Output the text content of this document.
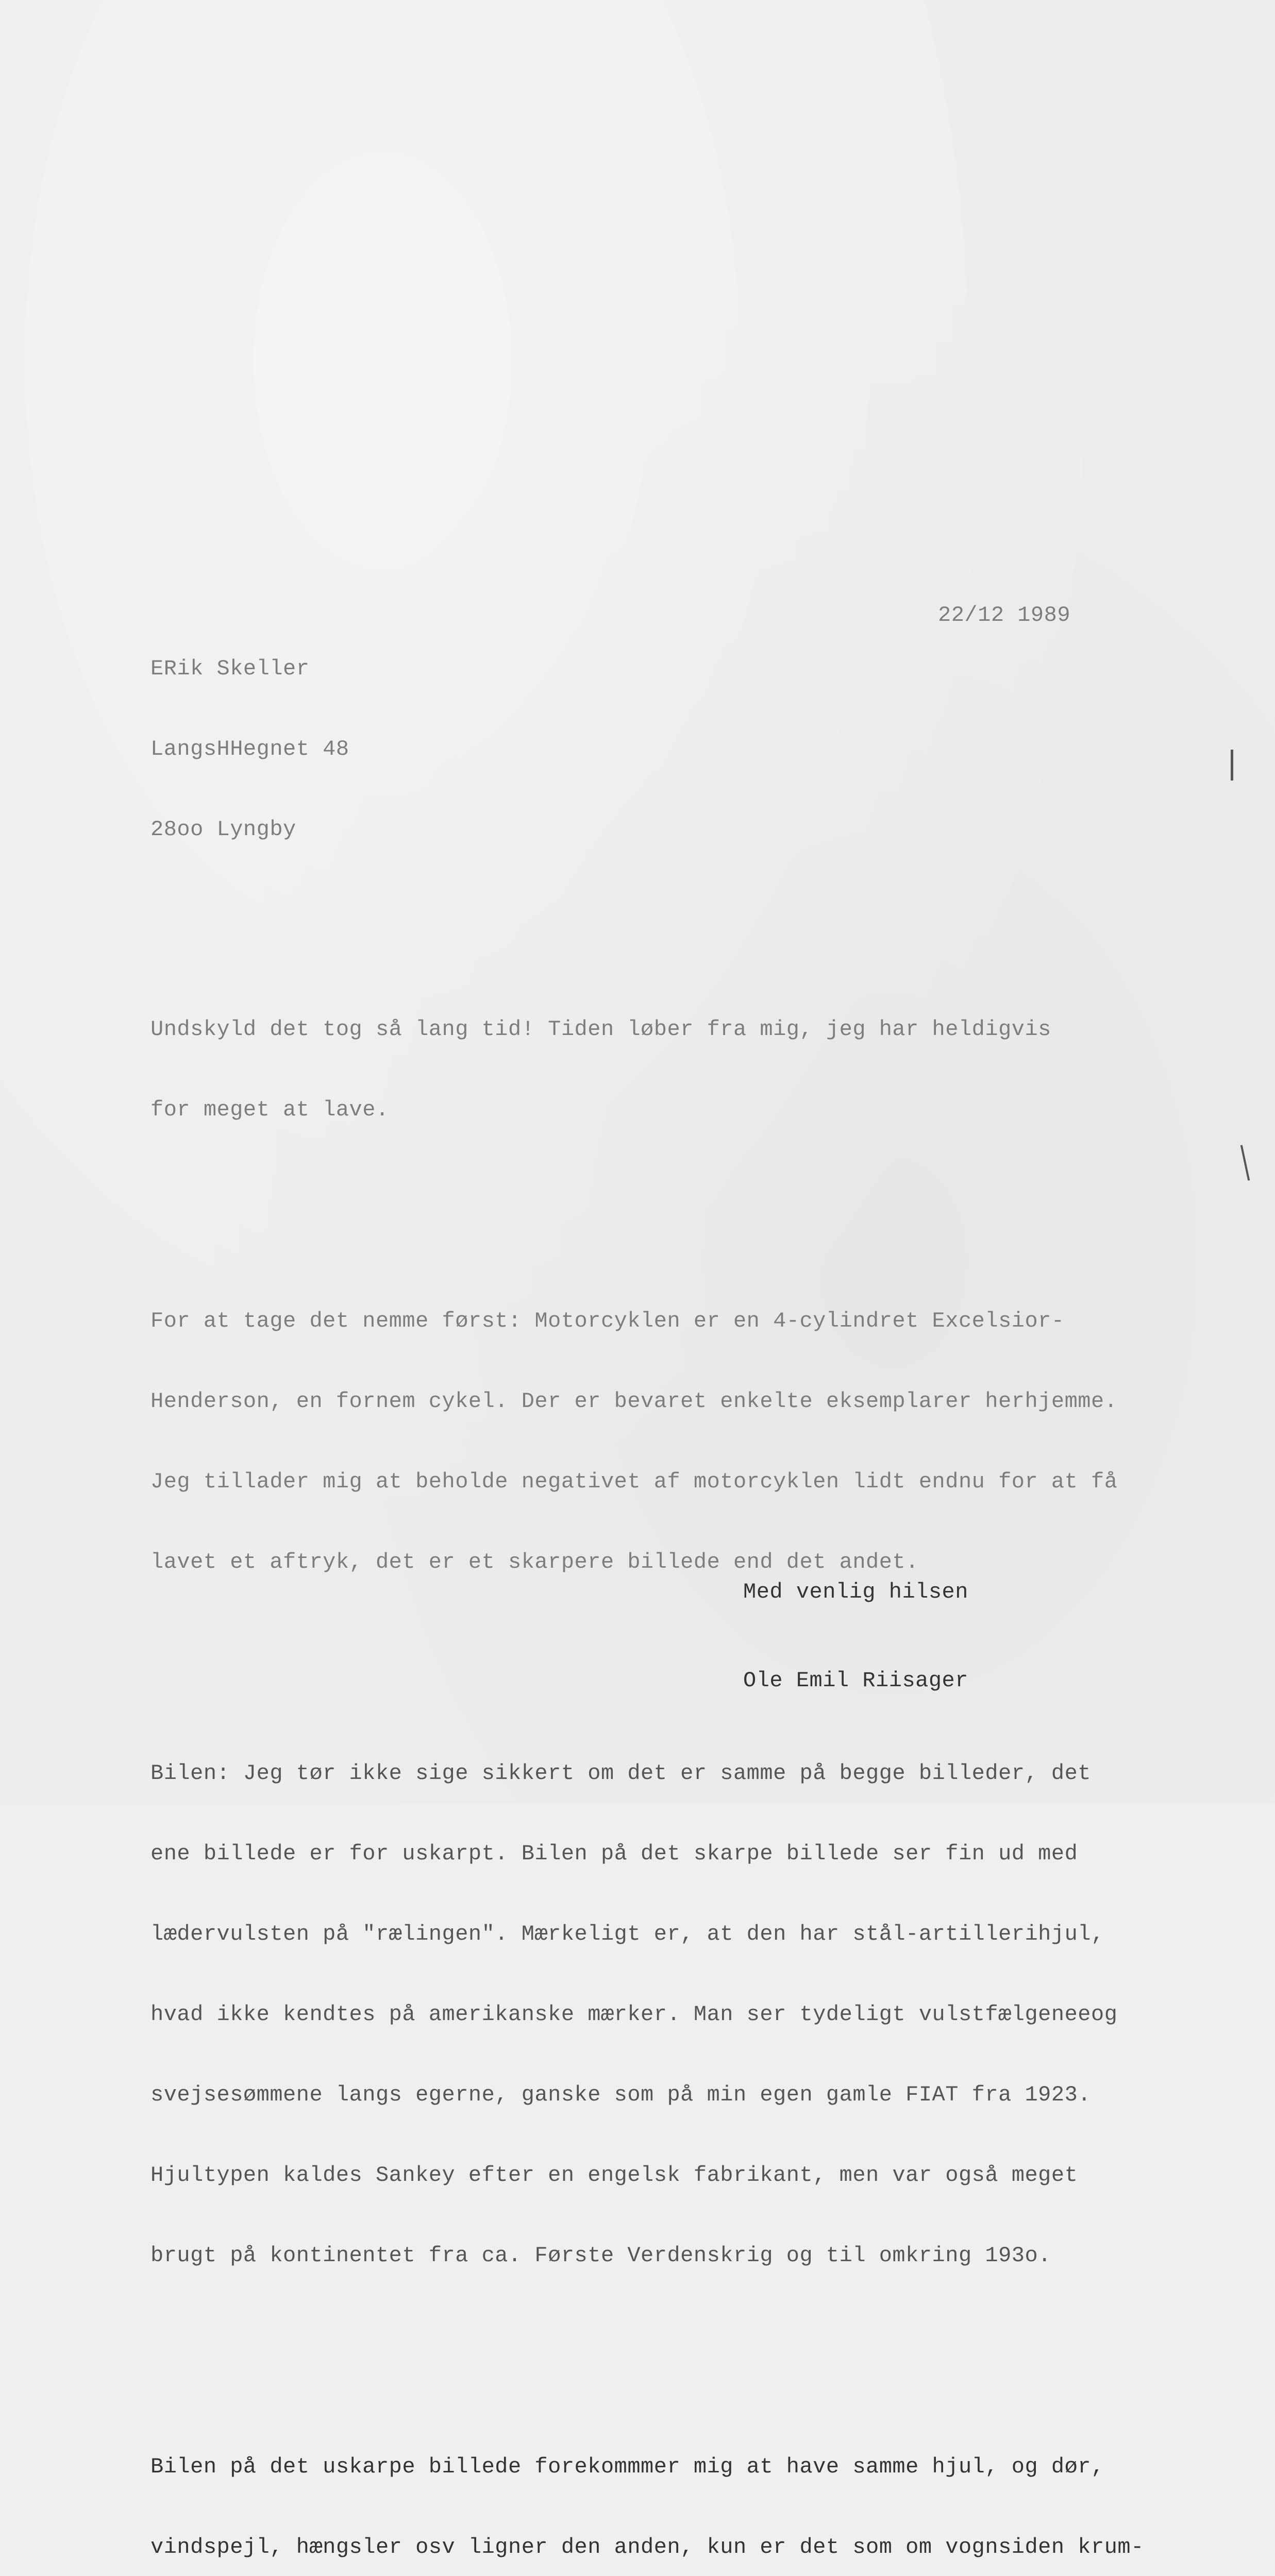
ERik Skeller

LangsHHegnet 48

28oo Lyngby

22/12 1989

Undskyld det tog så lang tid! Tiden løber fra mig, jeg har heldigvis

for meget at lave.

For at tage det nemme først: Motorcyklen er en 4-cylindret Excelsior-

Henderson, en fornem cykel. Der er bevaret enkelte eksemplarer herhjemme.

Jeg tillader mig at beholde negativet af motorcyklen lidt endnu for at få

lavet et aftryk, det er et skarpere billede end det andet.

Bilen: Jeg tør ikke sige sikkert om det er samme på begge billeder, det

ene billede er for uskarpt. Bilen på det skarpe billede ser fin ud med

lædervulsten på "rælingen". Mærkeligt er, at den har stål-artillerihjul,

hvad ikke kendtes på amerikanske mærker. Man ser tydeligt vulstfælgeneeog

svejsesømmene langs egerne, ganske som på min egen gamle FIAT fra 1923.

Hjultypen kaldes Sankey efter en engelsk fabrikant, men var også meget

brugt på kontinentet fra ca. Første Verdenskrig og til omkring 193o.

Bilen på det uskarpe billede forekommmer mig at have samme hjul, og dør,

vindspejl, hængsler osv ligner den anden, kun er det som om vognsiden krum-

Med venlig hilsen
Ole Emil Riisager
